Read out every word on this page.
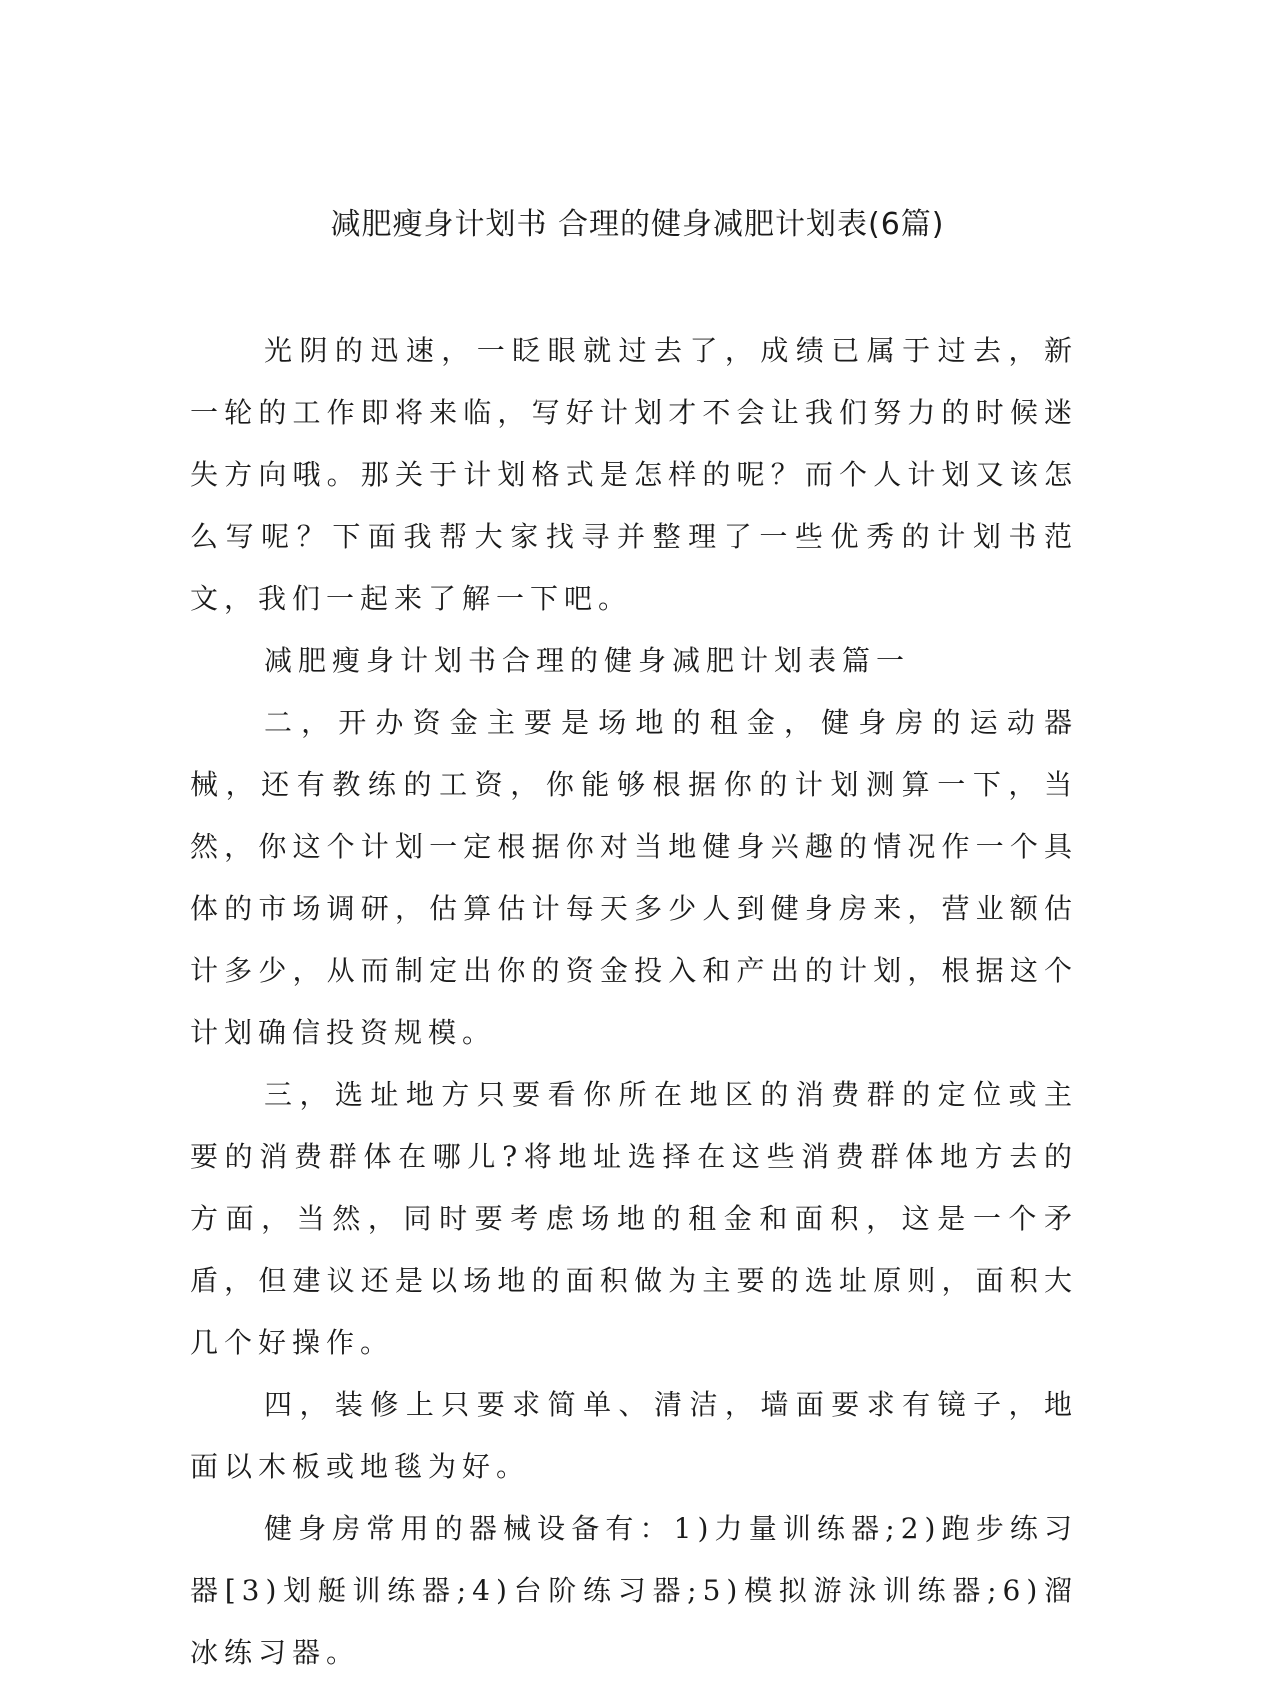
减肥瘦身计划书 合理的健身减肥计划表(6篇)

光阴的迅速，一眨眼就过去了，成绩已属于过去，新一轮的工作即将来临，写好计划才不会让我们努力的时候迷失方向哦。那关于计划格式是怎样的呢？而个人计划又该怎么写呢？下面我帮大家找寻并整理了一些优秀的计划书范文，我们一起来了解一下吧。

减肥瘦身计划书合理的健身减肥计划表篇一

二，开办资金主要是场地的租金，健身房的运动器械，还有教练的工资，你能够根据你的计划测算一下，当然，你这个计划一定根据你对当地健身兴趣的情况作一个具体的市场调研，估算估计每天多少人到健身房来，营业额估计多少，从而制定出你的资金投入和产出的计划，根据这个计划确信投资规模。

三，选址地方只要看你所在地区的消费群的定位或主要的消费群体在哪儿?将地址选择在这些消费群体地方去的方面，当然，同时要考虑场地的租金和面积，这是一个矛盾，但建议还是以场地的面积做为主要的选址原则，面积大几个好操作。

四，装修上只要求简单、清洁，墙面要求有镜子，地面以木板或地毯为好。

健身房常用的器械设备有：1)力量训练器;2)跑步练习器[3)划艇训练器;4)台阶练习器;5)模拟游泳训练器;6)溜冰练习器。
